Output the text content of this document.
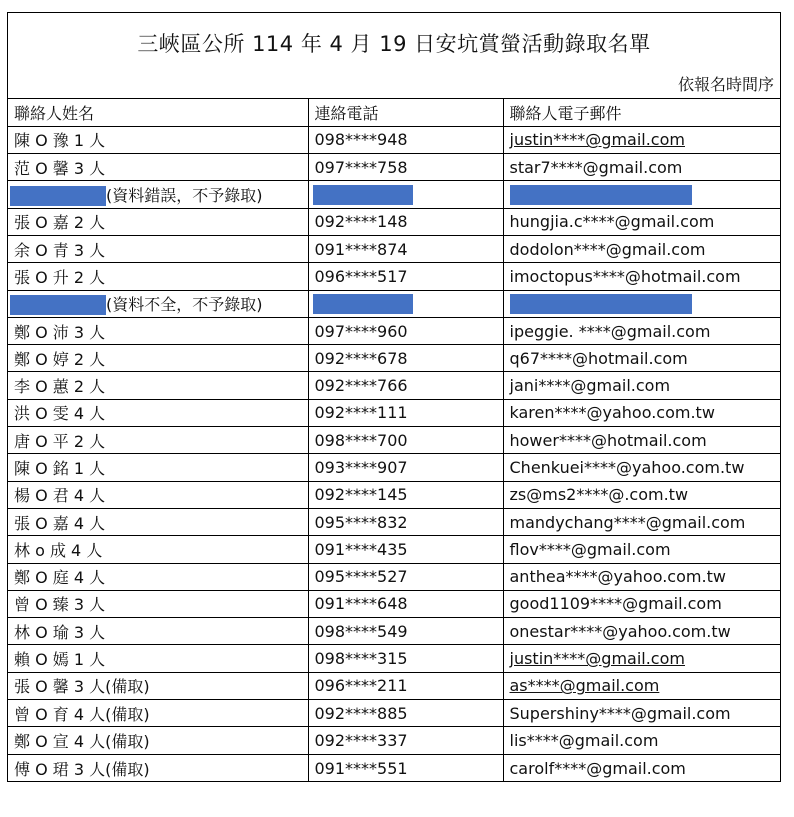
三峽區公所 114 年 4 月 19 日安坑賞螢活動錄取名單
依報名時間序
聯絡人姓名	連絡電話	聯絡人電子郵件
陳 O 豫 1 人	098****948	justin****@gmail.com
范 O 馨 3 人	097****758	star7****@gmail.com
(資料錯誤，不予錄取)		
張 O 嘉 2 人	092****148	hungjia.c****@gmail.com
余 O 青 3 人	091****874	dodolon****@gmail.com
張 O 升 2 人	096****517	imoctopus****@hotmail.com
(資料不全，不予錄取)		
鄭 O 沛 3 人	097****960	ipeggie. ****@gmail.com
鄭 O 婷 2 人	092****678	q67****@hotmail.com
李 O 蕙 2 人	092****766	jani****@gmail.com
洪 O 雯 4 人	092****111	karen****@yahoo.com.tw
唐 O 平 2 人	098****700	hower****@hotmail.com
陳 O 銘 1 人	093****907	Chenkuei****@yahoo.com.tw
楊 O 君 4 人	092****145	zs@ms2****@.com.tw
張 O 嘉 4 人	095****832	mandychang****@gmail.com
林 o 成 4 人	091****435	flov****@gmail.com
鄭 O 庭 4 人	095****527	anthea****@yahoo.com.tw
曾 O 臻 3 人	091****648	good1109****@gmail.com
林 O 瑜 3 人	098****549	onestar****@yahoo.com.tw
賴 O 嫣 1 人	098****315	justin****@gmail.com
張 O 馨 3 人(備取)	096****211	as****@gmail.com
曾 O 育 4 人(備取)	092****885	Supershiny****@gmail.com
鄭 O 宣 4 人(備取)	092****337	lis****@gmail.com
傅 O 珺 3 人(備取)	091****551	carolf****@gmail.com
